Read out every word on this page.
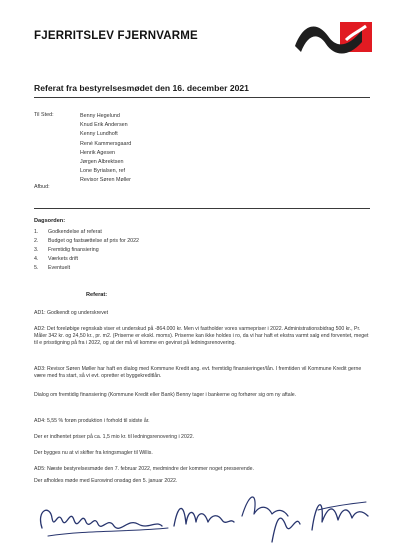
FJERRITSLEV FJERNVARME
Referat fra bestyrelsesmødet den 16. december 2021
Til Sted:	Benny Hegelund
Knud Erik Andersen
Kenny Lundhoft
René Kammersgaard
Henrik Agesen
Jørgen Albrektsen
Lone Byrialsen, ref
Revisor Søren Møller
Afbud:
Dagsorden:
1. Godkendelse af referat
2. Budget og fastsættelse af pris for 2022
3. Fremtidig finansiering
4. Værkets drift
5. Eventuelt
Referat:

AD1: Godkendt og underskrevet

AD2: Det foreløbige regnskab viser et underskud på -864.000 kr. Men vi fastholder vores varmepriser i 2022. Administrationsbidrag 500 kr., Pr. Måler 342 kr. og 24,50 kr., pr. m2. (Priserne er ekskl. moms). Priserne kan ikke holdes i ro, da vi har haft et ekstra varmt salg end forventet, meget til e prisstigning på fra i 2022, og at der må vil komme en gevinst på ledningsrenovering.

AD3: Revisor Søren Møller har haft en dialog med Kommune Kredit ang. evt. fremtidig finansieringer/lån. I fremtiden vil Kommune Kredit gerne være med fra start, så vi evt. opretter et byggekreditlån.

Dialog om fremtidig finansiering (Kommune Kredit eller Bank) Benny tager i bankerne og forhører sig om ny aftale.

AD4: 5,55 % forøn produktion i forhold til sidste år.

Der er indhentet priser på ca. 1,5 mio kr. til ledningsrenovering i 2022.

Der bygges nu at vi skifter fra kringsmagler til Willis.

AD5: Næste bestyrelsesmøde den 7. februar 2022, medmindre der kommer noget presserende.

Der afholdes møde med Eurowind onsdag den 5. januar 2022.
